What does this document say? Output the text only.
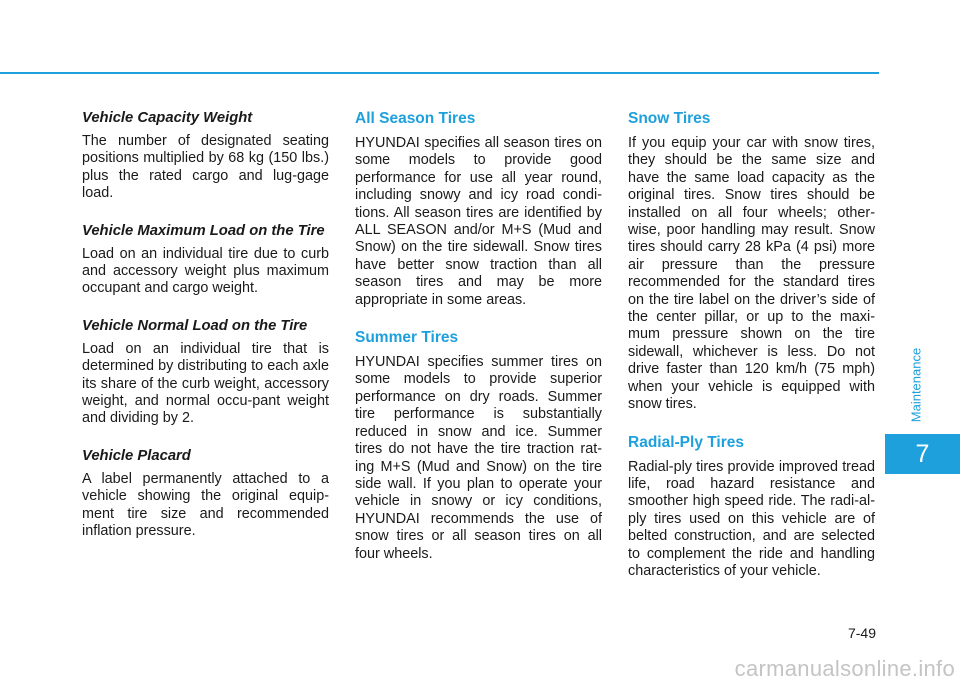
Vehicle Capacity Weight

The number of designated seating positions multiplied by 68 kg (150 lbs.) plus the rated cargo and lug-gage load.

Vehicle Maximum Load on the Tire

Load on an individual tire due to curb and accessory weight plus maximum occupant and cargo weight.

Vehicle Normal Load on the Tire

Load on an individual tire that is determined by distributing to each axle its share of the curb weight, accessory weight, and normal occu-pant weight and dividing by 2.

Vehicle Placard

A label permanently attached to a vehicle showing the original equip-ment tire size and recommended inflation pressure.

All Season Tires

HYUNDAI specifies all season tires on some models to provide good performance for use all year round, including snowy and icy road condi-tions. All season tires are identified by ALL SEASON and/or M+S (Mud and Snow) on the tire sidewall. Snow tires have better snow traction than all season tires and may be more appropriate in some areas.

Summer Tires

HYUNDAI specifies summer tires on some models to provide superior performance on dry roads. Summer tire performance is substantially reduced in snow and ice. Summer tires do not have the tire traction rat-ing M+S (Mud and Snow) on the tire side wall. If you plan to operate your vehicle in snowy or icy conditions, HYUNDAI recommends the use of snow tires or all season tires on all four wheels.

Snow Tires

If you equip your car with snow tires, they should be the same size and have the same load capacity as the original tires. Snow tires should be installed on all four wheels; other-wise, poor handling may result. Snow tires should carry 28 kPa (4 psi) more air pressure than the pressure recommended for the standard tires on the tire label on the driver’s side of the center pillar, or up to the maxi-mum pressure shown on the tire sidewall, whichever is less. Do not drive faster than 120 km/h (75 mph) when your vehicle is equipped with snow tires.

Radial-Ply Tires

Radial-ply tires provide improved tread life, road hazard resistance and smoother high speed ride. The radi-al-ply tires used on this vehicle are of belted construction, and are selected to complement the ride and handling characteristics of your vehicle.

Maintenance
7
7-49
carmanualsonline.info
